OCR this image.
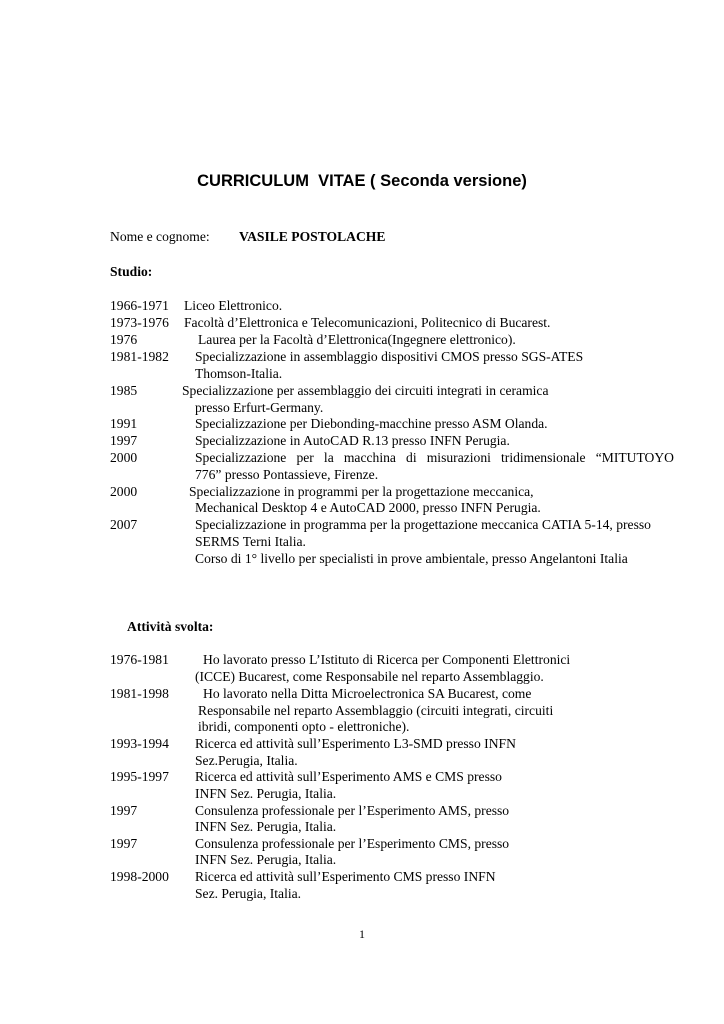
CURRICULUM  VITAE ( Seconda versione)
Nome e cognome: VASILE POSTOLACHE
Studio:
1966-1971 Liceo Elettronico.
1973-1976 Facoltà d’Elettronica e Telecomunicazioni, Politecnico di Bucarest.
1976	Laurea per la Facoltà d’Elettronica(Ingegnere elettronico).
1981-1982 Specializzazione in assemblaggio dispositivi CMOS presso SGS-ATES
Thomson-Italia.
1985	Specializzazione per assemblaggio dei circuiti integrati in ceramica
presso Erfurt-Germany.
1991	Specializzazione per Diebonding-macchine presso ASM Olanda.
1997	Specializzazione in AutoCAD R.13 presso INFN Perugia.
2000	Specializzazione per la macchina di misurazioni tridimensionale “MITUTOYO
776” presso Pontassieve, Firenze.
2000	Specializzazione in programmi per la progettazione meccanica,
Mechanical Desktop 4 e AutoCAD 2000, presso INFN Perugia.
2007	Specializzazione in programma per la progettazione meccanica CATIA 5-14, presso
SERMS Terni Italia.
Corso di 1° livello per specialisti in prove ambientale, presso Angelantoni Italia
Attività svolta:
1976-1981	Ho lavorato presso L’Istituto di Ricerca per Componenti Elettronici
(ICCE) Bucarest, come Responsabile nel reparto Assemblaggio.
1981-1998	Ho lavorato nella Ditta Microelectronica SA Bucarest, come
Responsabile nel reparto Assemblaggio (circuiti integrati, circuiti
ibridi, componenti opto - elettroniche).
1993-1994 Ricerca ed attività sull’Esperimento L3-SMD presso INFN
Sez.Perugia, Italia.
1995-1997 Ricerca ed attività sull’Esperimento AMS e CMS presso
INFN Sez. Perugia, Italia.
1997	Consulenza professionale per l’Esperimento AMS, presso
INFN Sez. Perugia, Italia.
1997	Consulenza professionale per l’Esperimento CMS, presso
INFN Sez. Perugia, Italia.
1998-2000 Ricerca ed attività sull’Esperimento CMS presso INFN
Sez. Perugia, Italia.
1
